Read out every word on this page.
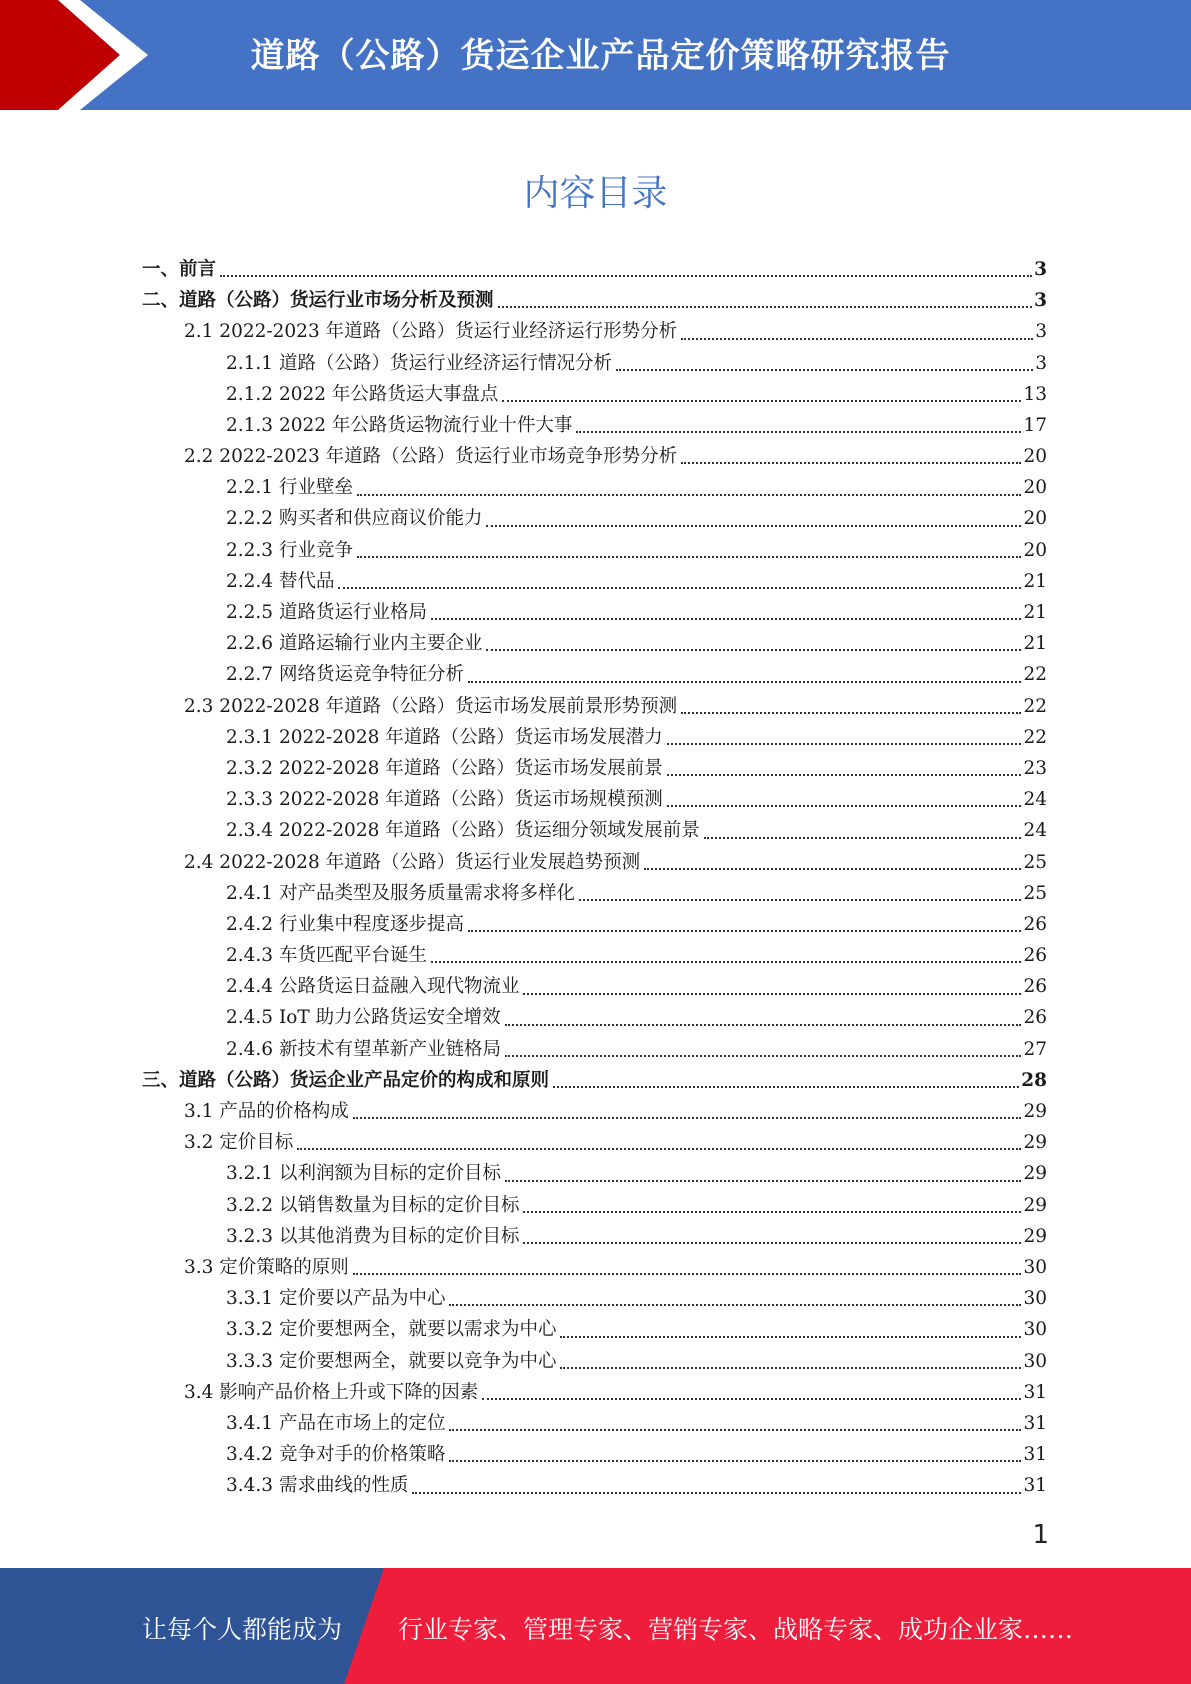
道路（公路）货运企业产品定价策略研究报告
内容目录
一、前言	3
二、道路（公路）货运行业市场分析及预测	3
2.1 2022-2023 年道路（公路）货运行业经济运行形势分析	3
2.1.1 道路（公路）货运行业经济运行情况分析	3
2.1.2 2022 年公路货运大事盘点	13
2.1.3 2022 年公路货运物流行业十件大事	17
2.2 2022-2023 年道路（公路）货运行业市场竞争形势分析	20
2.2.1 行业壁垒	20
2.2.2 购买者和供应商议价能力	20
2.2.3 行业竞争	20
2.2.4 替代品	21
2.2.5 道路货运行业格局	21
2.2.6 道路运输行业内主要企业	21
2.2.7 网络货运竞争特征分析	22
2.3 2022-2028 年道路（公路）货运市场发展前景形势预测	22
2.3.1 2022-2028 年道路（公路）货运市场发展潜力	22
2.3.2 2022-2028 年道路（公路）货运市场发展前景	23
2.3.3 2022-2028 年道路（公路）货运市场规模预测	24
2.3.4 2022-2028 年道路（公路）货运细分领域发展前景	24
2.4 2022-2028 年道路（公路）货运行业发展趋势预测	25
2.4.1 对产品类型及服务质量需求将多样化	25
2.4.2 行业集中程度逐步提高	26
2.4.3 车货匹配平台诞生	26
2.4.4 公路货运日益融入现代物流业	26
2.4.5 IoT 助力公路货运安全增效	26
2.4.6 新技术有望革新产业链格局	27
三、道路（公路）货运企业产品定价的构成和原则	28
3.1 产品的价格构成	29
3.2 定价目标	29
3.2.1 以利润额为目标的定价目标	29
3.2.2 以销售数量为目标的定价目标	29
3.2.3 以其他消费为目标的定价目标	29
3.3 定价策略的原则	30
3.3.1 定价要以产品为中心	30
3.3.2 定价要想两全，就要以需求为中心	30
3.3.3 定价要想两全，就要以竞争为中心	30
3.4 影响产品价格上升或下降的因素	31
3.4.1 产品在市场上的定位	31
3.4.2 竞争对手的价格策略	31
3.4.3 需求曲线的性质	31
1
让每个人都能成为 行业专家、管理专家、营销专家、战略专家、成功企业家……
